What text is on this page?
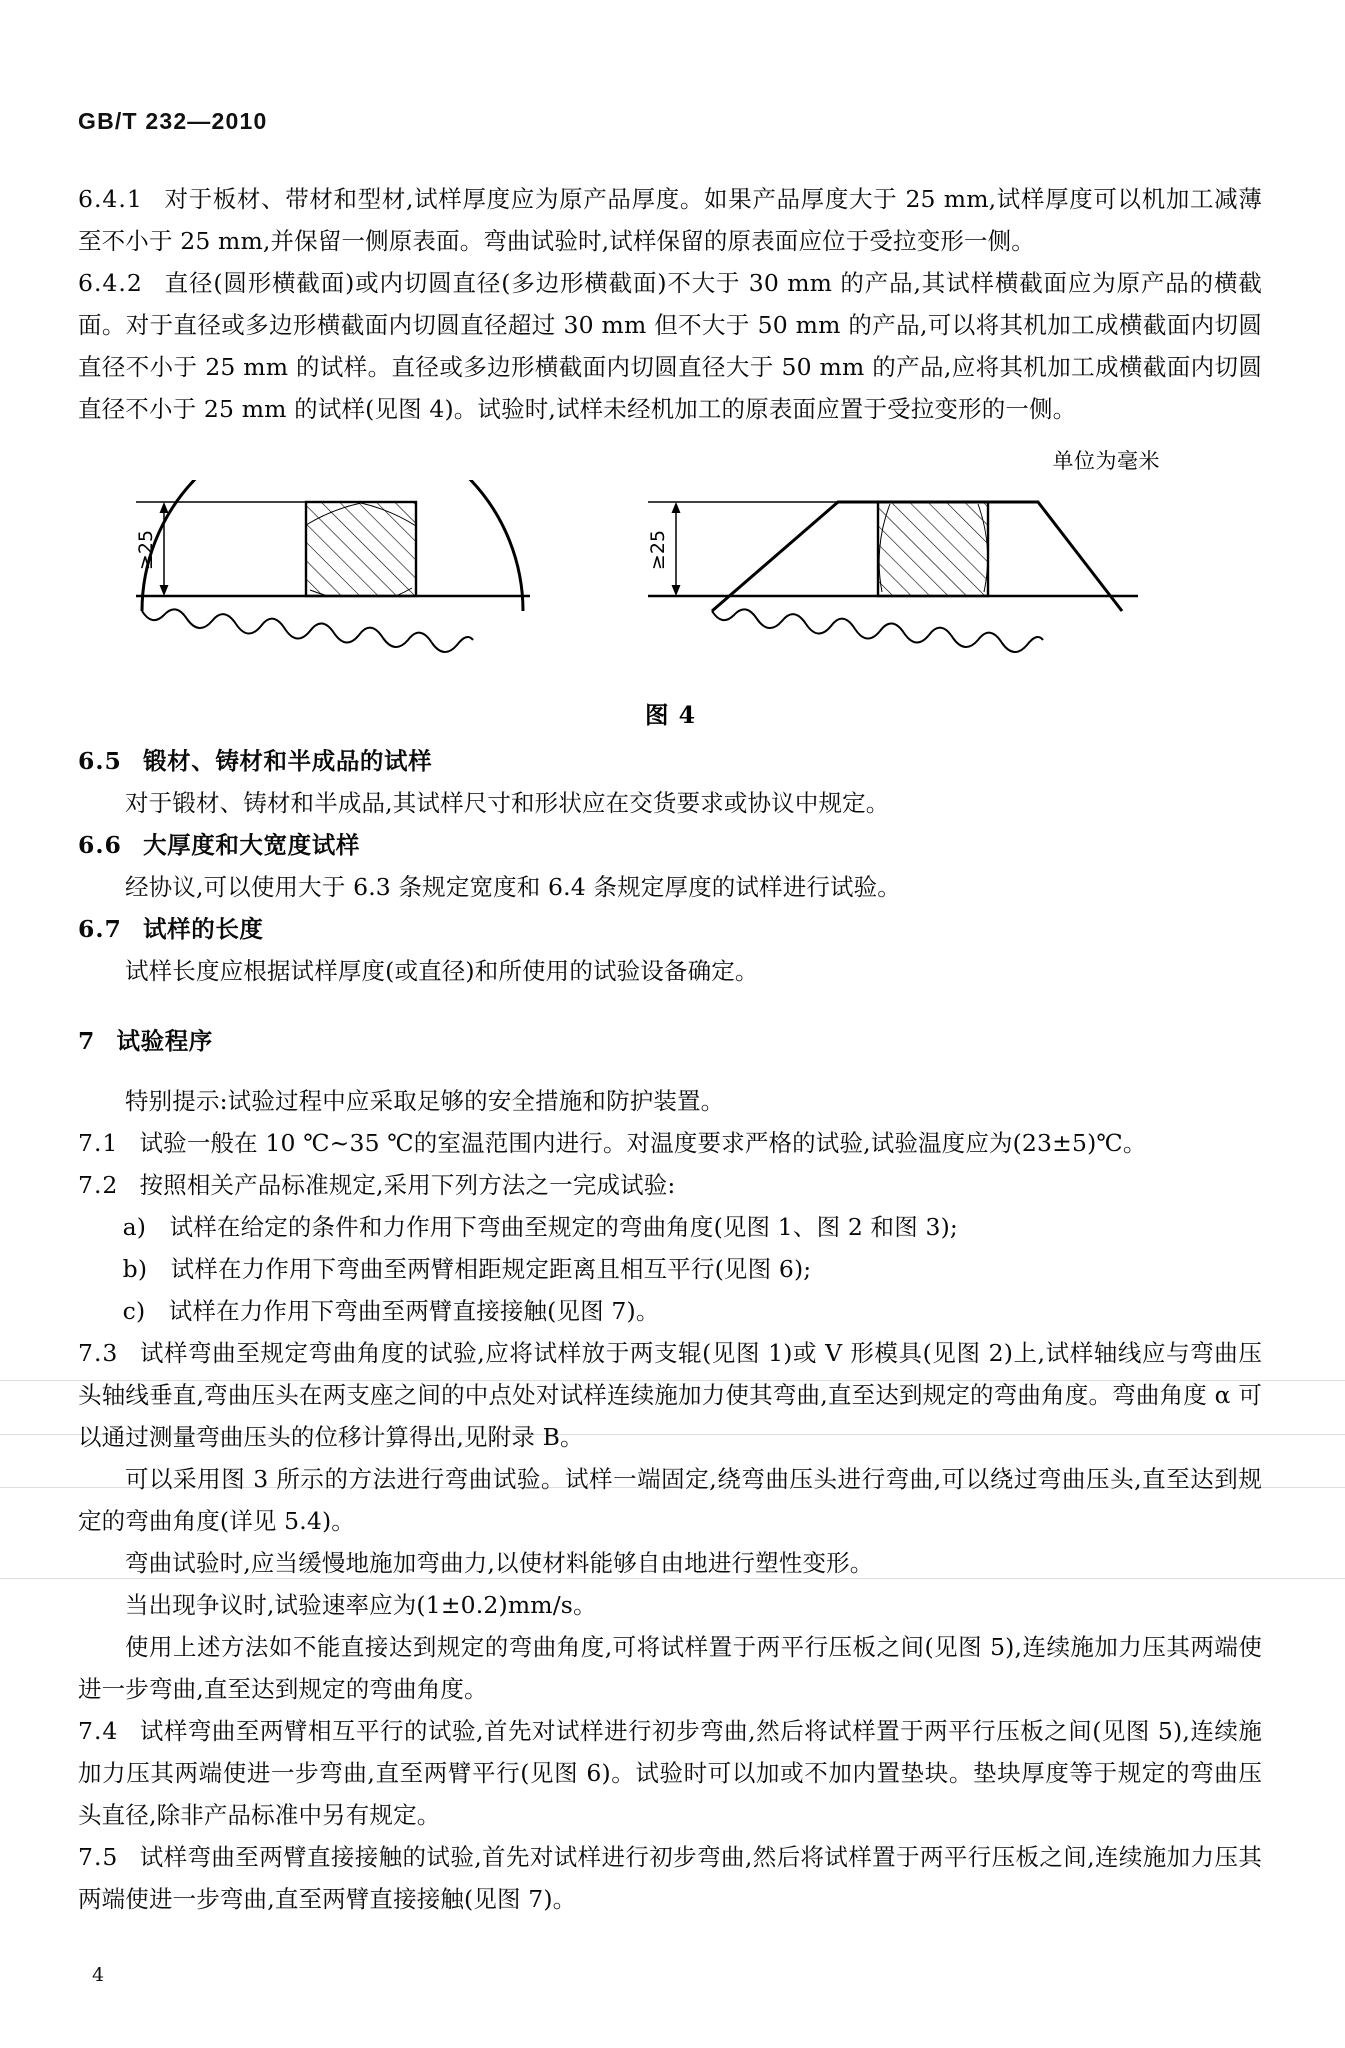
GB/T 232—2010

6.4.1 对于板材、带材和型材,试样厚度应为原产品厚度。如果产品厚度大于 25 mm,试样厚度可以机加工减薄至不小于 25 mm,并保留一侧原表面。弯曲试验时,试样保留的原表面应位于受拉变形一侧。

6.4.2 直径(圆形横截面)或内切圆直径(多边形横截面)不大于 30 mm 的产品,其试样横截面应为原产品的横截面。对于直径或多边形横截面内切圆直径超过 30 mm 但不大于 50 mm 的产品,可以将其机加工成横截面内切圆直径不小于 25 mm 的试样。直径或多边形横截面内切圆直径大于 50 mm 的产品,应将其机加工成横截面内切圆直径不小于 25 mm 的试样(见图 4)。试验时,试样未经机加工的原表面应置于受拉变形的一侧。

单位为毫米
≥25	≥25
图 4

6.5 锻材、铸材和半成品的试样

对于锻材、铸材和半成品,其试样尺寸和形状应在交货要求或协议中规定。

6.6 大厚度和大宽度试样

经协议,可以使用大于 6.3 条规定宽度和 6.4 条规定厚度的试样进行试验。

6.7 试样的长度

试样长度应根据试样厚度(或直径)和所使用的试验设备确定。

7 试验程序

特别提示:试验过程中应采取足够的安全措施和防护装置。

7.1 试验一般在 10 ℃~35 ℃的室温范围内进行。对温度要求严格的试验,试验温度应为(23±5)℃。

7.2 按照相关产品标准规定,采用下列方法之一完成试验:

a) 试样在给定的条件和力作用下弯曲至规定的弯曲角度(见图 1、图 2 和图 3);

b) 试样在力作用下弯曲至两臂相距规定距离且相互平行(见图 6);

c) 试样在力作用下弯曲至两臂直接接触(见图 7)。

7.3 试样弯曲至规定弯曲角度的试验,应将试样放于两支辊(见图 1)或 V 形模具(见图 2)上,试样轴线应与弯曲压头轴线垂直,弯曲压头在两支座之间的中点处对试样连续施加力使其弯曲,直至达到规定的弯曲角度。弯曲角度 α 可以通过测量弯曲压头的位移计算得出,见附录 B。

可以采用图 3 所示的方法进行弯曲试验。试样一端固定,绕弯曲压头进行弯曲,可以绕过弯曲压头,直至达到规定的弯曲角度(详见 5.4)。

弯曲试验时,应当缓慢地施加弯曲力,以使材料能够自由地进行塑性变形。

当出现争议时,试验速率应为(1±0.2)mm/s。

使用上述方法如不能直接达到规定的弯曲角度,可将试样置于两平行压板之间(见图 5),连续施加力压其两端使进一步弯曲,直至达到规定的弯曲角度。

7.4 试样弯曲至两臂相互平行的试验,首先对试样进行初步弯曲,然后将试样置于两平行压板之间(见图 5),连续施加力压其两端使进一步弯曲,直至两臂平行(见图 6)。试验时可以加或不加内置垫块。垫块厚度等于规定的弯曲压头直径,除非产品标准中另有规定。

7.5 试样弯曲至两臂直接接触的试验,首先对试样进行初步弯曲,然后将试样置于两平行压板之间,连续施加力压其两端使进一步弯曲,直至两臂直接接触(见图 7)。

4
